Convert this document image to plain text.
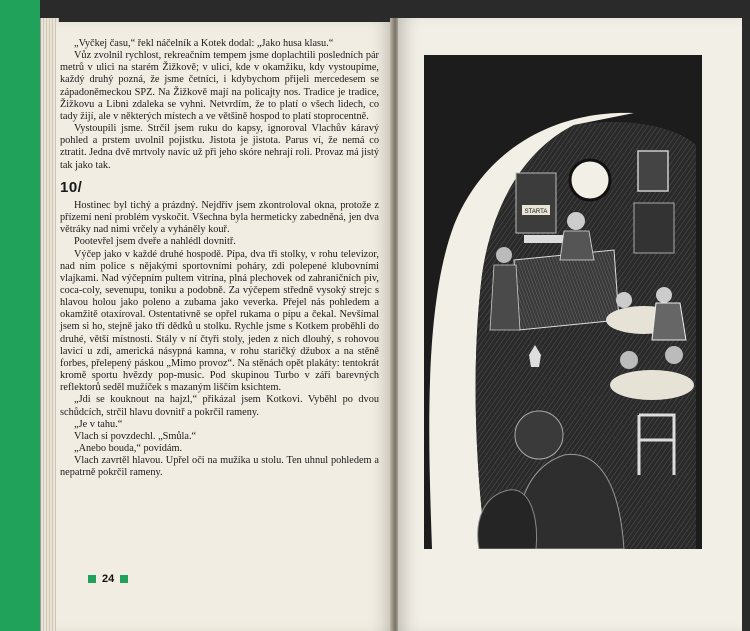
„Vyčkej času,“ řekl náčelník a Kotek dodal: „Jako husa klasu.“

Vůz zvolnil rychlost, rekreačním tempem jsme doplachtili posledních pár metrů v ulici na starém Žižkově; v ulici, kde v okamžiku, kdy vystoupíme, každý druhý pozná, že jsme četníci, i kdybychom přijeli mercedesem se západoněmeckou SPZ. Na Žižkově mají na policajty nos. Tradice je tradice, Žižkovu a Libni zdaleka se vyhni. Netvrdím, že to platí o všech lidech, co tady žijí, ale v některých místech a ve většině hospod to platí stoprocentně.

Vystoupili jsme. Strčil jsem ruku do kapsy, ignoroval Vlachův káravý pohled a prstem uvolnil pojistku. Jistota je jistota. Parus ví, že nemá co ztratit. Jedna dvě mrtvoly navíc už při jeho skóre nehrají roli. Provaz má jistý tak jako tak.

10/

Hostinec byl tichý a prázdný. Nejdřív jsem zkontroloval okna, protože z přízemí není problém vyskočit. Všechna byla hermeticky zabedněná, jen dva větráky nad nimi vrčely a vyháněly kouř.

Pootevřel jsem dveře a nahlédl dovnitř.

Výčep jako v každé druhé hospodě. Pípa, dva tři stolky, v rohu televizor, nad ním police s nějakými sportovními poháry, zdi polepené klubovními vlajkami. Nad výčepním pultem vitrína, plná plechovek od zahraničních piv, coca-coly, sevenupu, toniku a podobně. Za výčepem středně vysoký strejc s hlavou holou jako poleno a zubama jako veverka. Přejel nás pohledem a okamžitě otaxíroval. Ostentativně se opřel rukama o pípu a čekal. Nevšímal jsem si ho, stejně jako tří dědků u stolku. Rychle jsme s Kotkem proběhli do druhé, větší místnosti. Stály v ní čtyři stoly, jeden z nich dlouhý, s rohovou lavicí u zdi, americká násypná kamna, v rohu staričký džubox a na stěně forbes, přelepený páskou „Mimo provoz“. Na stěnách opět plakáty: tentokrát kromě sportu hvězdy pop-music. Pod skupinou Turbo v záři barevných reflektorů seděl mužíček s mazaným liščím ksichtem.

„Jdi se kouknout na hajzl,“ přikázal jsem Kotkovi. Vyběhl po dvou schůdcích, strčil hlavu dovnitř a pokrčil rameny.

„Je v tahu.“

Vlach si povzdechl. „Smůla.“

„Anebo bouda,“ povídám.

Vlach zavrtěl hlavou. Upřel oči na mužíka u stolu. Ten uhnul pohledem a nepatrně pokrčil rameny.

24
STARTA
